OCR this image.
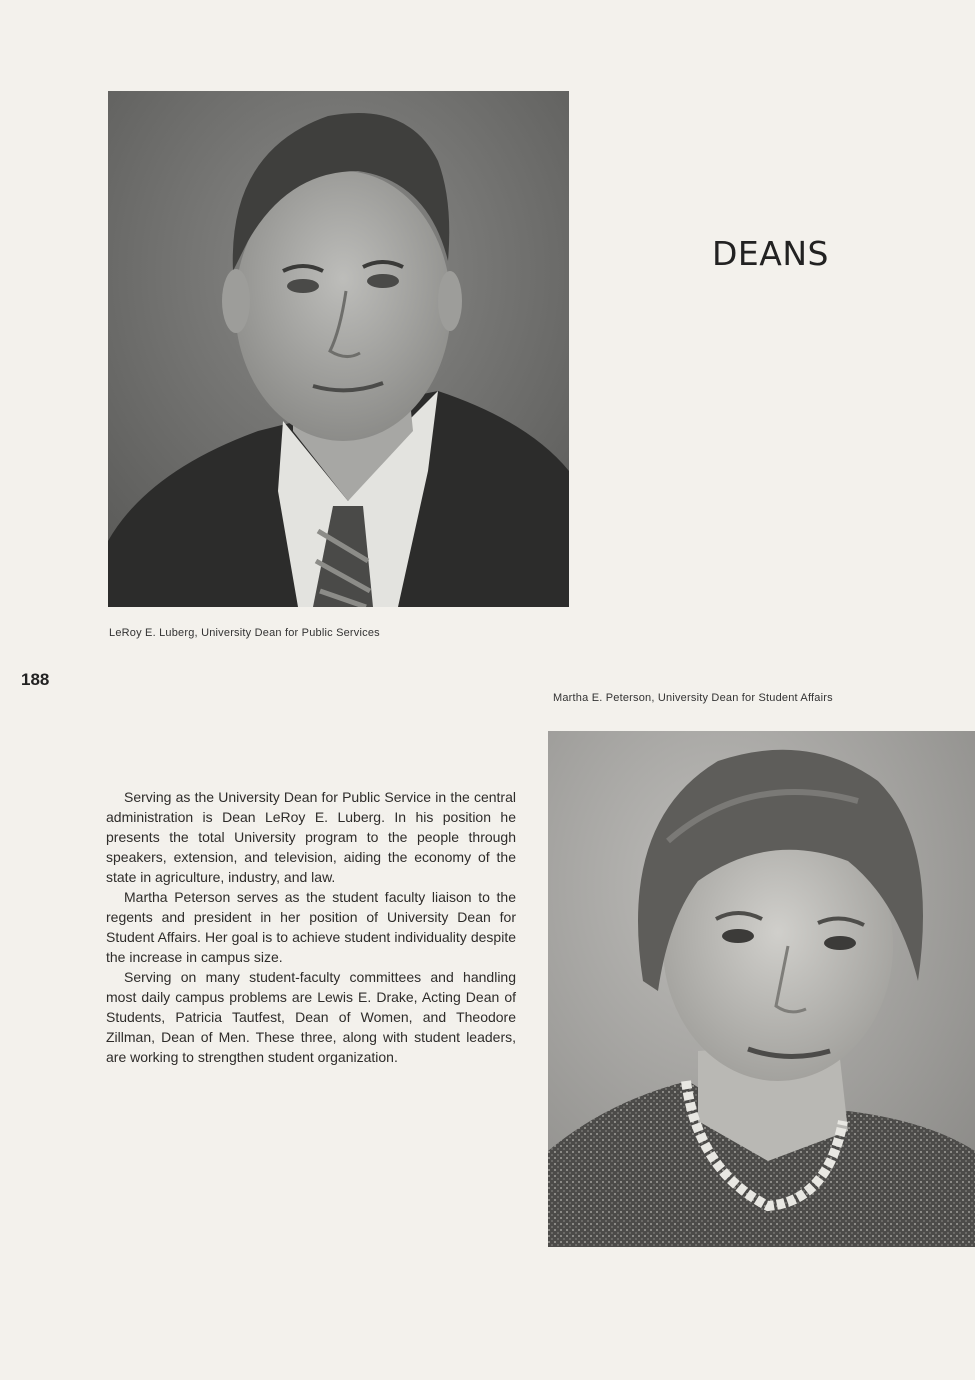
DEANS
LeRoy E. Luberg, University Dean for Public Services
188
Martha E. Peterson, University Dean for Student Affairs

Serving as the University Dean for Public Service in the central administration is Dean LeRoy E. Luberg. In his position he presents the total University program to the people through speakers, extension, and television, aiding the economy of the state in agriculture, industry, and law.

Martha Peterson serves as the student faculty liaison to the regents and president in her position of University Dean for Student Affairs. Her goal is to achieve student individuality despite the increase in campus size.

Serving on many student-faculty committees and handling most daily campus problems are Lewis E. Drake, Acting Dean of Students, Patricia Tautfest, Dean of Women, and Theodore Zillman, Dean of Men. These three, along with student leaders, are working to strengthen student organization.
